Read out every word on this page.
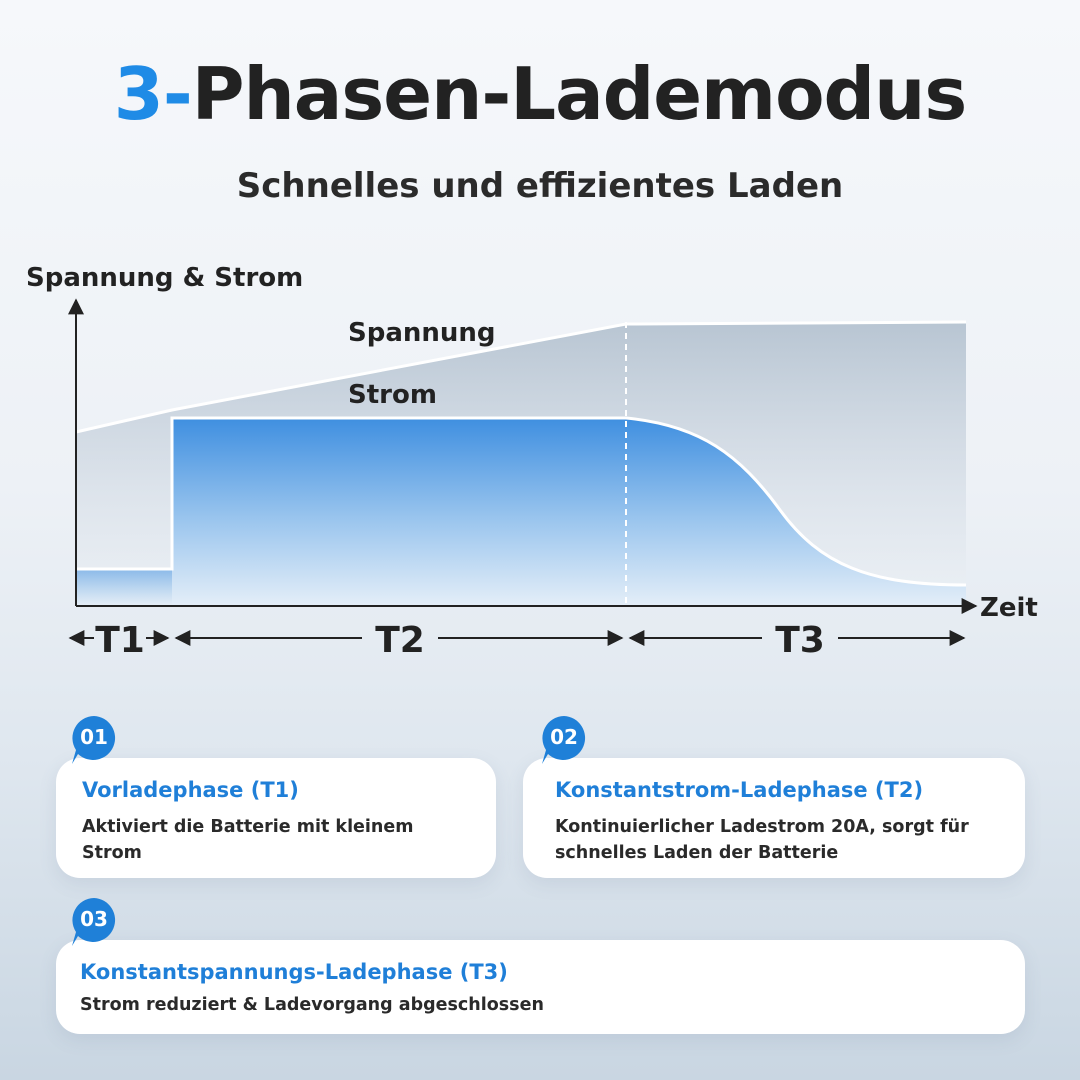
3-Phasen-Lademodus
Schnelles und effizientes Laden
Spannung & Strom
Zeit
Spannung
Strom
T1	T2	T3
Vorladephase (T1)
Aktiviert die Batterie mit kleinem Strom
01
Konstantstrom-Ladephase (T2)
Kontinuierlicher Ladestrom 20A, sorgt für
schnelles Laden der Batterie
02
Konstantspannungs-Ladephase (T3)
Strom reduziert & Ladevorgang abgeschlossen
03
